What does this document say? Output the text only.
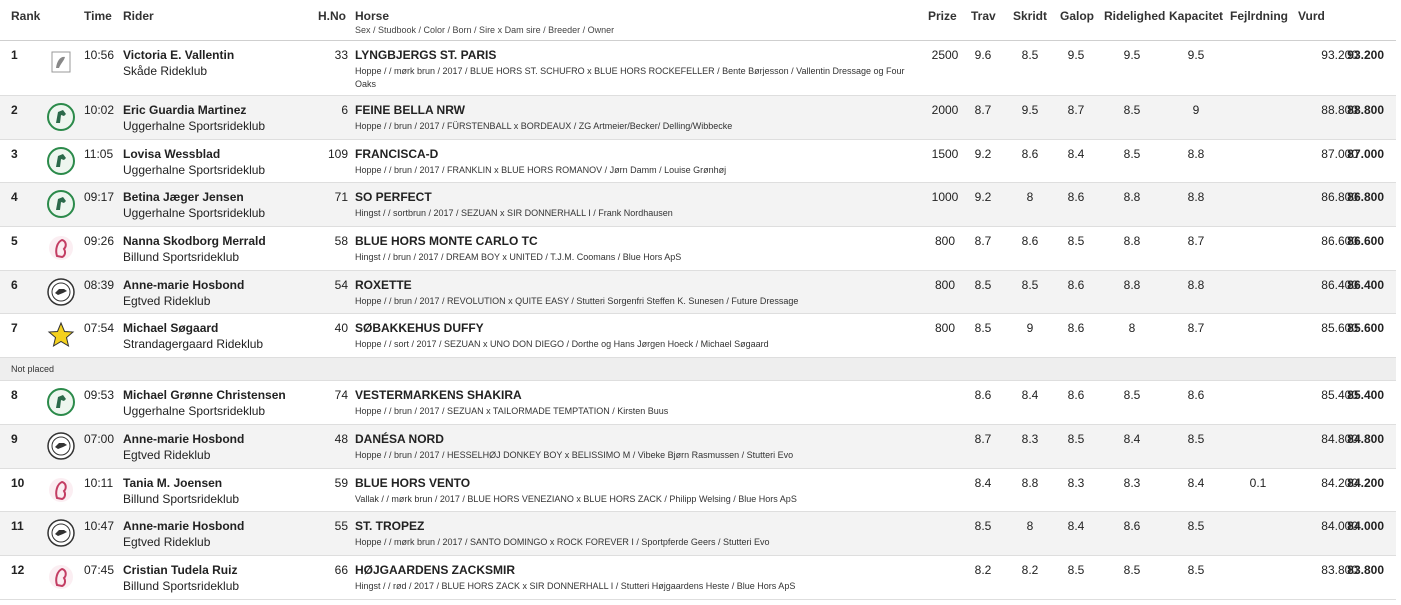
Rank	Time Rider	H.No Horse
Sex / Studbook / Color / Born / Sire x Dam sire / Breeder / Owner
Prize Trav Skridt Galop Ridelighed Kapacitet Fejlrdning Vurd
1	10:56 Victoria E. Vallentin
Skåde Rideklub
33 LYNGBJERGS ST. PARIS
Hoppe / / mørk brun / 2017 / BLUE HORS ST. SCHUFRO x BLUE HORS ROCKEFELLER / Bente Børjesson / Vallentin Dressage og Four Oaks
2500	9.6	8.5	9.5	9.5	9.5	93.200
93.200
2	10:02 Eric Guardia Martinez
Uggerhalne Sportsrideklub
6 FEINE BELLA NRW
Hoppe / / brun / 2017 / FÜRSTENBALL x BORDEAUX / ZG Artmeier/Becker/ Delling/Wibbecke
2000	8.7	9.5	8.7	8.5	9	88.800
88.800
3	11:05 Lovisa Wessblad
Uggerhalne Sportsrideklub
109 FRANCISCA-D
Hoppe / / brun / 2017 / FRANKLIN x BLUE HORS ROMANOV / Jørn Damm / Louise Grønhøj
1500	9.2	8.6	8.4	8.5	8.8	87.000
87.000
4	09:17 Betina Jæger Jensen
Uggerhalne Sportsrideklub
71 SO PERFECT
Hingst / / sortbrun / 2017 / SEZUAN x SIR DONNERHALL I / Frank Nordhausen
1000	9.2	8	8.6	8.8	8.8	86.800
86.800
5	09:26 Nanna Skodborg Merrald
Billund Sportsrideklub
58 BLUE HORS MONTE CARLO TC
Hingst / / brun / 2017 / DREAM BOY x UNITED / T.J.M. Coomans / Blue Hors ApS
800	8.7	8.6	8.5	8.8	8.7	86.600
86.600
6	08:39 Anne-marie Hosbond
Egtved Rideklub
54 ROXETTE
Hoppe / / brun / 2017 / REVOLUTION x QUITE EASY / Stutteri Sorgenfri Steffen K. Sunesen / Future Dressage
800	8.5	8.5	8.6	8.8	8.8	86.400
86.400
7	07:54 Michael Søgaard
Strandagergaard Rideklub
40 SØBAKKEHUS DUFFY
Hoppe / / sort / 2017 / SEZUAN x UNO DON DIEGO / Dorthe og Hans Jørgen Hoeck / Michael Søgaard
800	8.5	9	8.6	8	8.7	85.600
85.600
Not placed
8	09:53 Michael Grønne Christensen
Uggerhalne Sportsrideklub
74 VESTERMARKENS SHAKIRA
Hoppe / / brun / 2017 / SEZUAN x TAILORMADE TEMPTATION / Kirsten Buus
8.6	8.4	8.6	8.5	8.6	85.400
85.400
9	07:00 Anne-marie Hosbond
Egtved Rideklub
48 DANÉSA NORD
Hoppe / / brun / 2017 / HESSELHØJ DONKEY BOY x BELISSIMO M / Vibeke Bjørn Rasmussen / Stutteri Evo
8.7	8.3	8.5	8.4	8.5	84.800
84.800
10	10:11 Tania M. Joensen
Billund Sportsrideklub
59 BLUE HORS VENTO
Vallak / / mørk brun / 2017 / BLUE HORS VENEZIANO x BLUE HORS ZACK / Philipp Welsing / Blue Hors ApS
8.4	8.8	8.3	8.3	8.4	0.1	84.200
84.200
11	10:47 Anne-marie Hosbond
Egtved Rideklub
55 ST. TROPEZ
Hoppe / / mørk brun / 2017 / SANTO DOMINGO x ROCK FOREVER I / Sportpferde Geers / Stutteri Evo
8.5	8	8.4	8.6	8.5	84.000
84.000
12	07:45 Cristian Tudela Ruiz
Billund Sportsrideklub
66 HØJGAARDENS ZACKSMIR
Hingst / / rød / 2017 / BLUE HORS ZACK x SIR DONNERHALL I / Stutteri Højgaardens Heste / Blue Hors ApS
8.2	8.2	8.5	8.5	8.5	83.800
83.800
